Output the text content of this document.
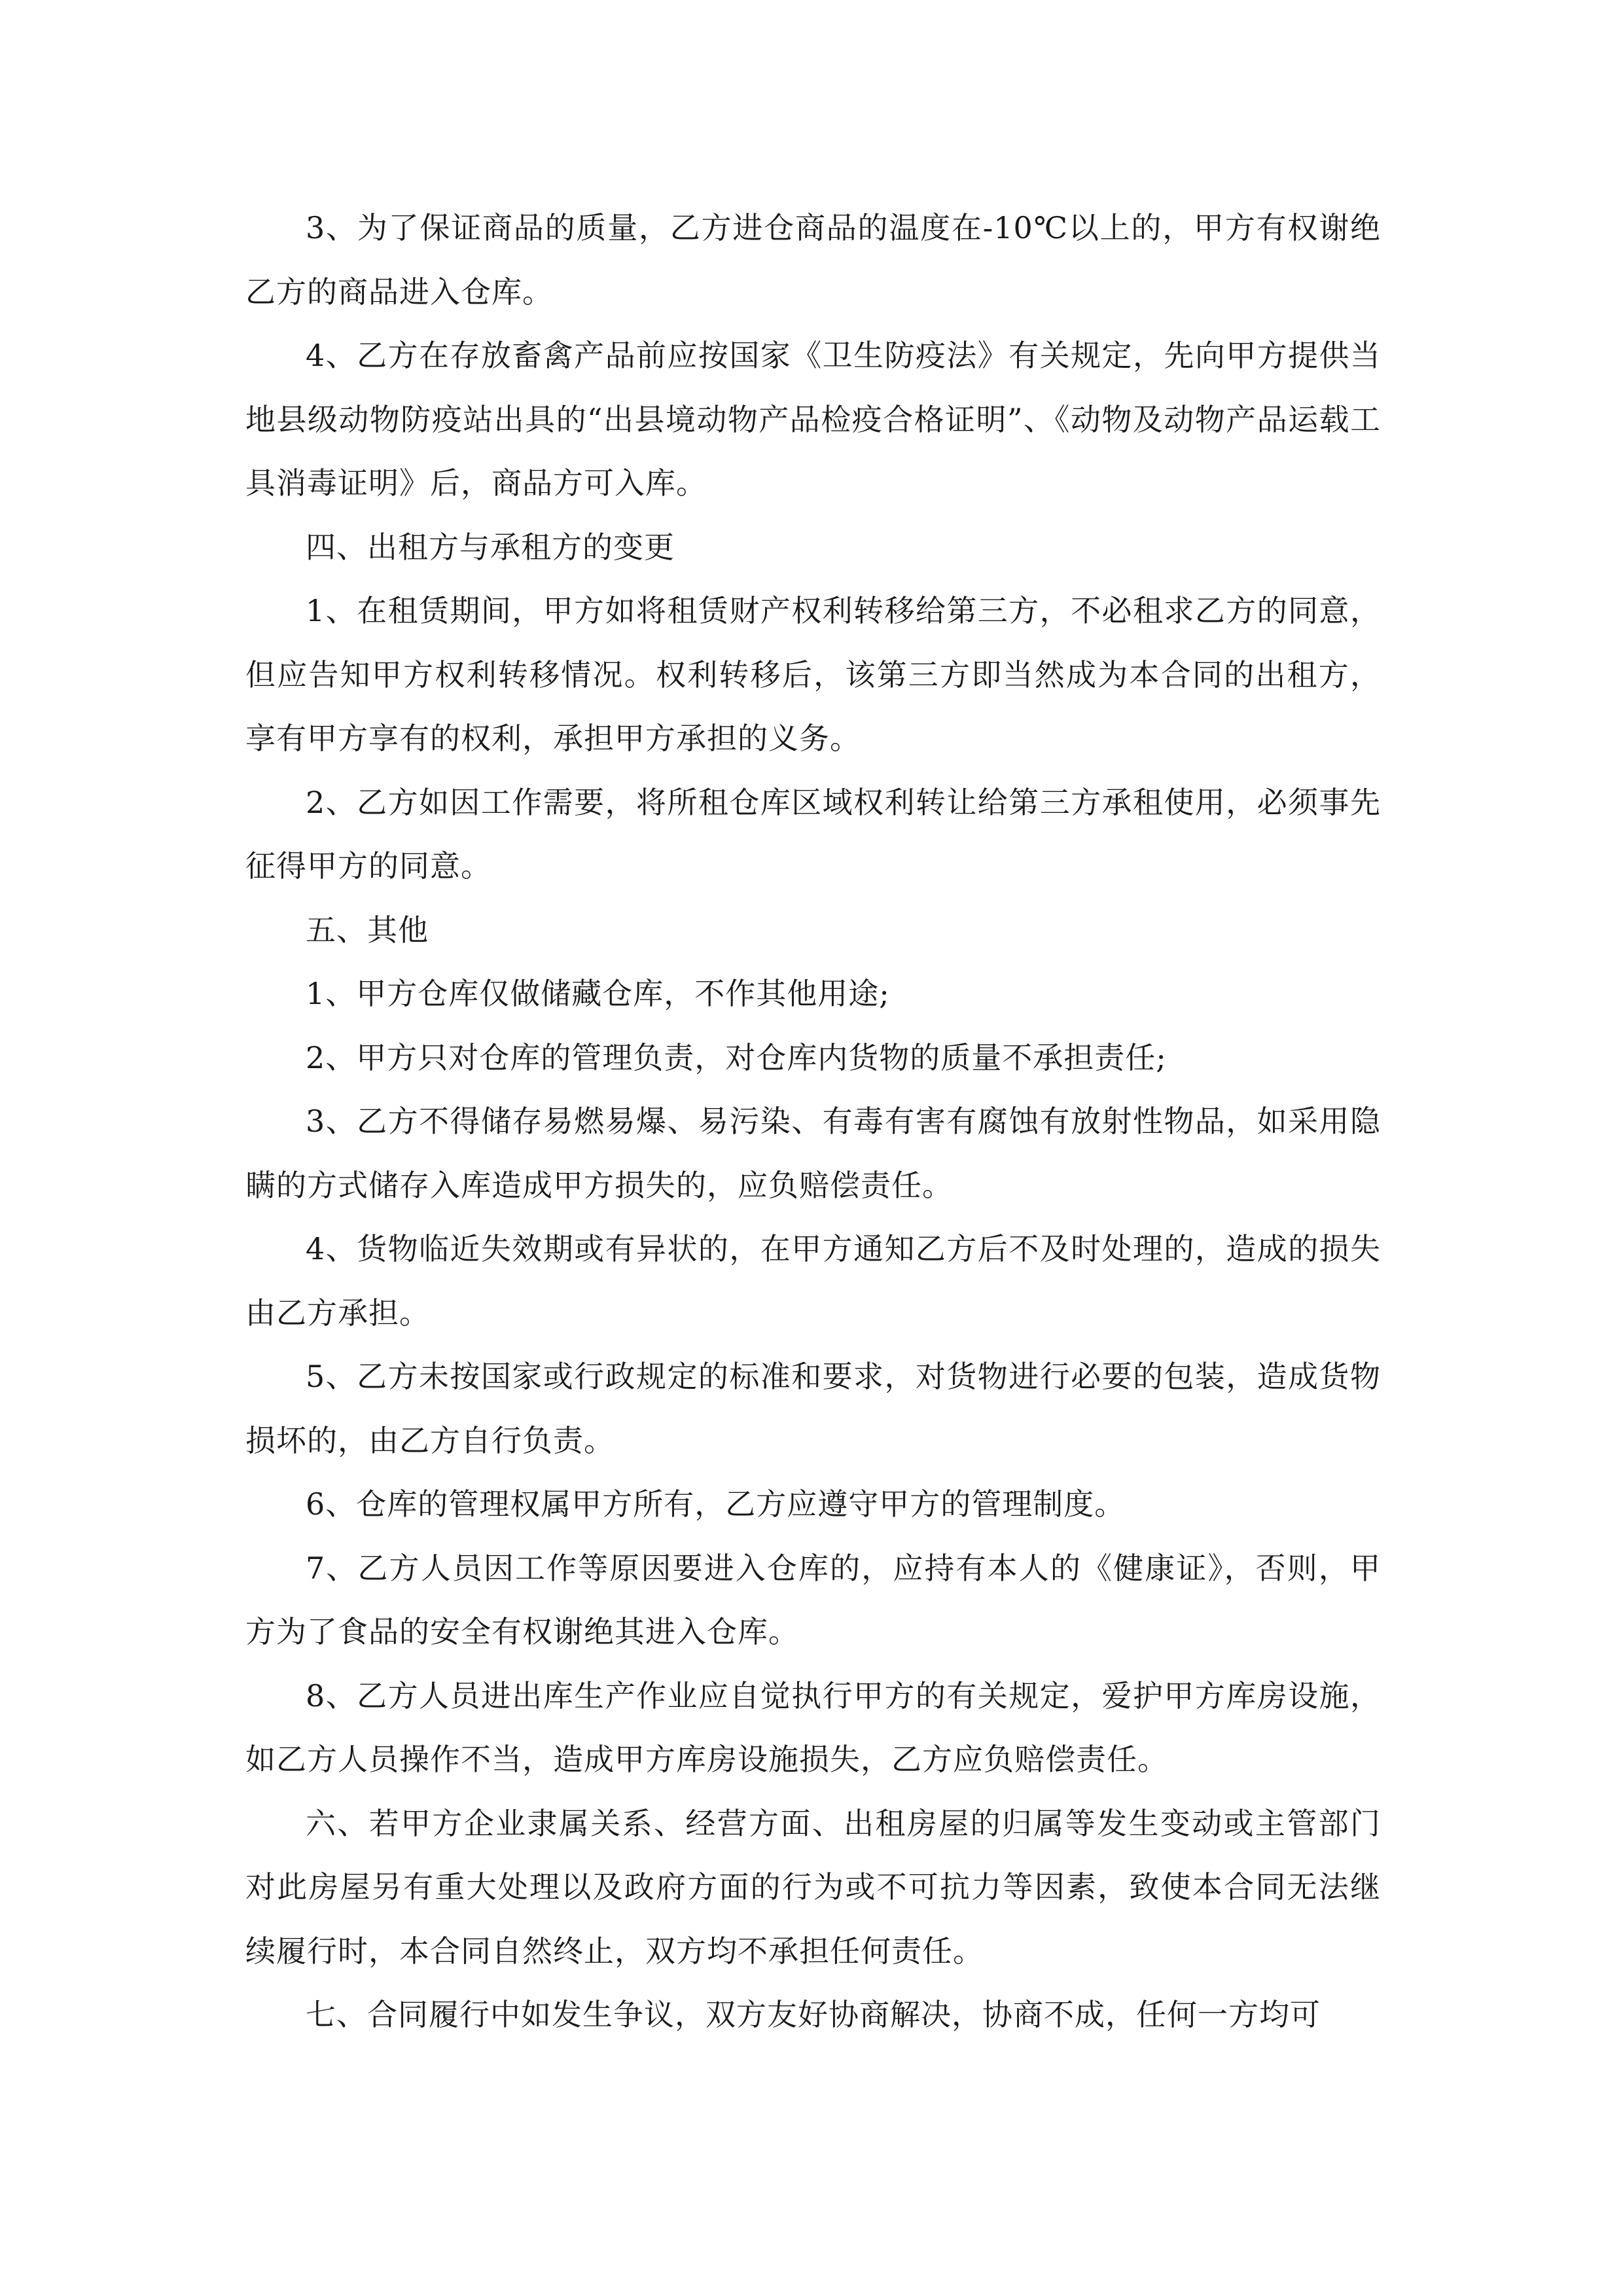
3、为了保证商品的质量，乙方进仓商品的温度在-10℃以上的，甲方有权谢绝乙方的商品进入仓库。

4、乙方在存放畜禽产品前应按国家《卫生防疫法》有关规定，先向甲方提供当地县级动物防疫站出具的“出县境动物产品检疫合格证明”、《动物及动物产品运载工具消毒证明》后，商品方可入库。

四、出租方与承租方的变更

1、在租赁期间，甲方如将租赁财产权利转移给第三方，不必租求乙方的同意，但应告知甲方权利转移情况。权利转移后，该第三方即当然成为本合同的出租方，享有甲方享有的权利，承担甲方承担的义务。

2、乙方如因工作需要，将所租仓库区域权利转让给第三方承租使用，必须事先征得甲方的同意。

五、其他

1、甲方仓库仅做储藏仓库，不作其他用途;

2、甲方只对仓库的管理负责，对仓库内货物的质量不承担责任;

3、乙方不得储存易燃易爆、易污染、有毒有害有腐蚀有放射性物品，如采用隐瞒的方式储存入库造成甲方损失的，应负赔偿责任。

4、货物临近失效期或有异状的，在甲方通知乙方后不及时处理的，造成的损失由乙方承担。

5、乙方未按国家或行政规定的标准和要求，对货物进行必要的包装，造成货物损坏的，由乙方自行负责。

6、仓库的管理权属甲方所有，乙方应遵守甲方的管理制度。

7、乙方人员因工作等原因要进入仓库的，应持有本人的《健康证》，否则，甲方为了食品的安全有权谢绝其进入仓库。

8、乙方人员进出库生产作业应自觉执行甲方的有关规定，爱护甲方库房设施，如乙方人员操作不当，造成甲方库房设施损失，乙方应负赔偿责任。

六、若甲方企业隶属关系、经营方面、出租房屋的归属等发生变动或主管部门对此房屋另有重大处理以及政府方面的行为或不可抗力等因素，致使本合同无法继续履行时，本合同自然终止，双方均不承担任何责任。

七、合同履行中如发生争议，双方友好协商解决，协商不成，任何一方均可
